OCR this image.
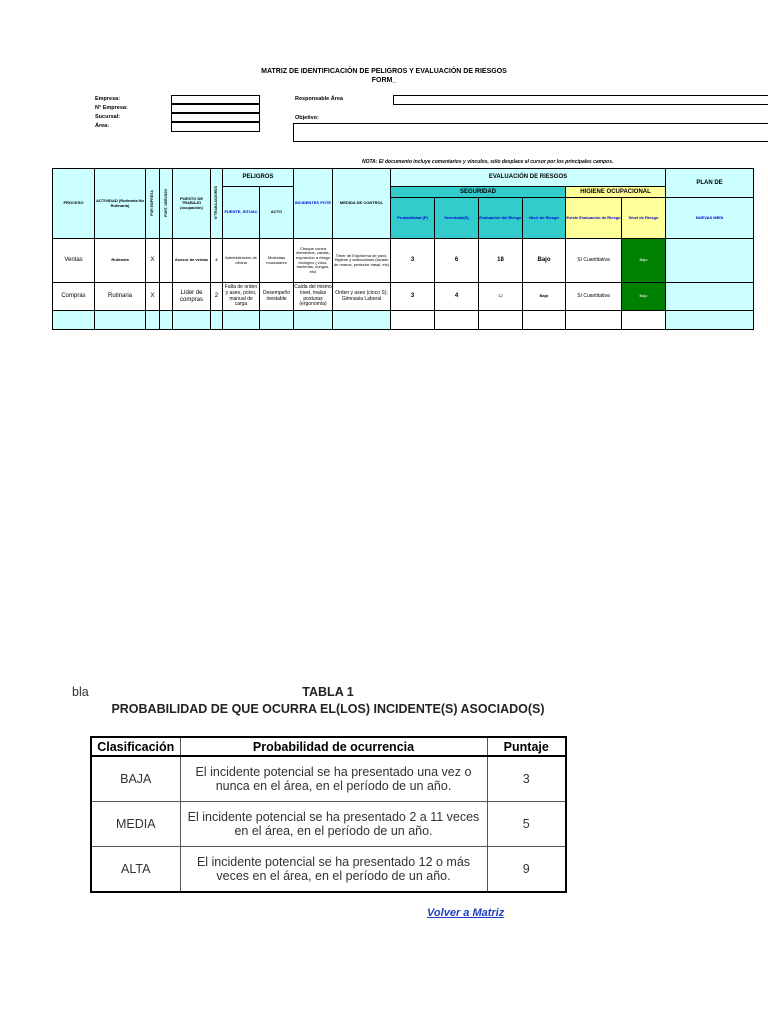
MATRIZ DE IDENTIFICACIÓN DE PELIGROS Y EVALUACIÓN DE RIESGOS
FORM_
Empresa:
N° Empresa:
Sucursal:
Área:
Responsable Área
Objetivo:
NOTA: El documento incluye comentarios y vínculos, sólo desplace el cursor por los principales campos.
PROCESO	ACTIVIDAD (Rutinaria No Rutinaria)	POR EMPRESA	PORT. SERVICIO	PUESTO DE TRABAJO (ocupación)	N°TRABAJADORES	PELIGROS		INCIDENTES POTE	MEDIDA DE CONTROL	EVALUACIÓN DE RIESGOS						PLAN DE
						FUENTE, SITUAC	ACTO			SEGURIDAD				HIGIENE OCUPACIONAL		
										Probabilidad (P)	Severidad(S)	Evaluación del Riesgo	Nivel de Riesgo	Existe Evaluación de Riesgo	Nivel de Riesgo	NUEVAS MEDI
Ventas	Rutinaria	X		Asesor de ventas	2	Administración de oficina	Molestias musculares	Choque contra elementos, caídas, exposición a riesgo biológico ( virus, bacterias, hongos, etc)	Timer de Ergoforma de pavó, Higiene y autocuidado (lavado de manos, protector nasal, etc)	3	6	18	Bajo	Sí Cuantitativa	Bajo	
Compras	Rutinaria	X		Líder de compras	2	Falta de orden y aseo, polvo, manual de carga	Desempeño inestable	Caída del mismo nivel, malas posturas (ergonomía)	Orden y aseo (cinco S); Gimnasia Laboral	3	4	12	Bajo	Sí Cuantitativa	Bajo	

bla	TABLA 1
PROBABILIDAD DE QUE OCURRA EL(LOS) INCIDENTE(S) ASOCIADO(S)
Clasificación	Probabilidad de ocurrencia	Puntaje
BAJA	El incidente potencial se ha presentado una vez o nunca en el área, en el período de un año.	3
MEDIA	El incidente potencial se ha presentado 2 a 11 veces en el área, en el período de un año.	5
ALTA	El incidente potencial se ha presentado 12 o más veces en el área, en el período de un año.	9
Volver a Matriz
